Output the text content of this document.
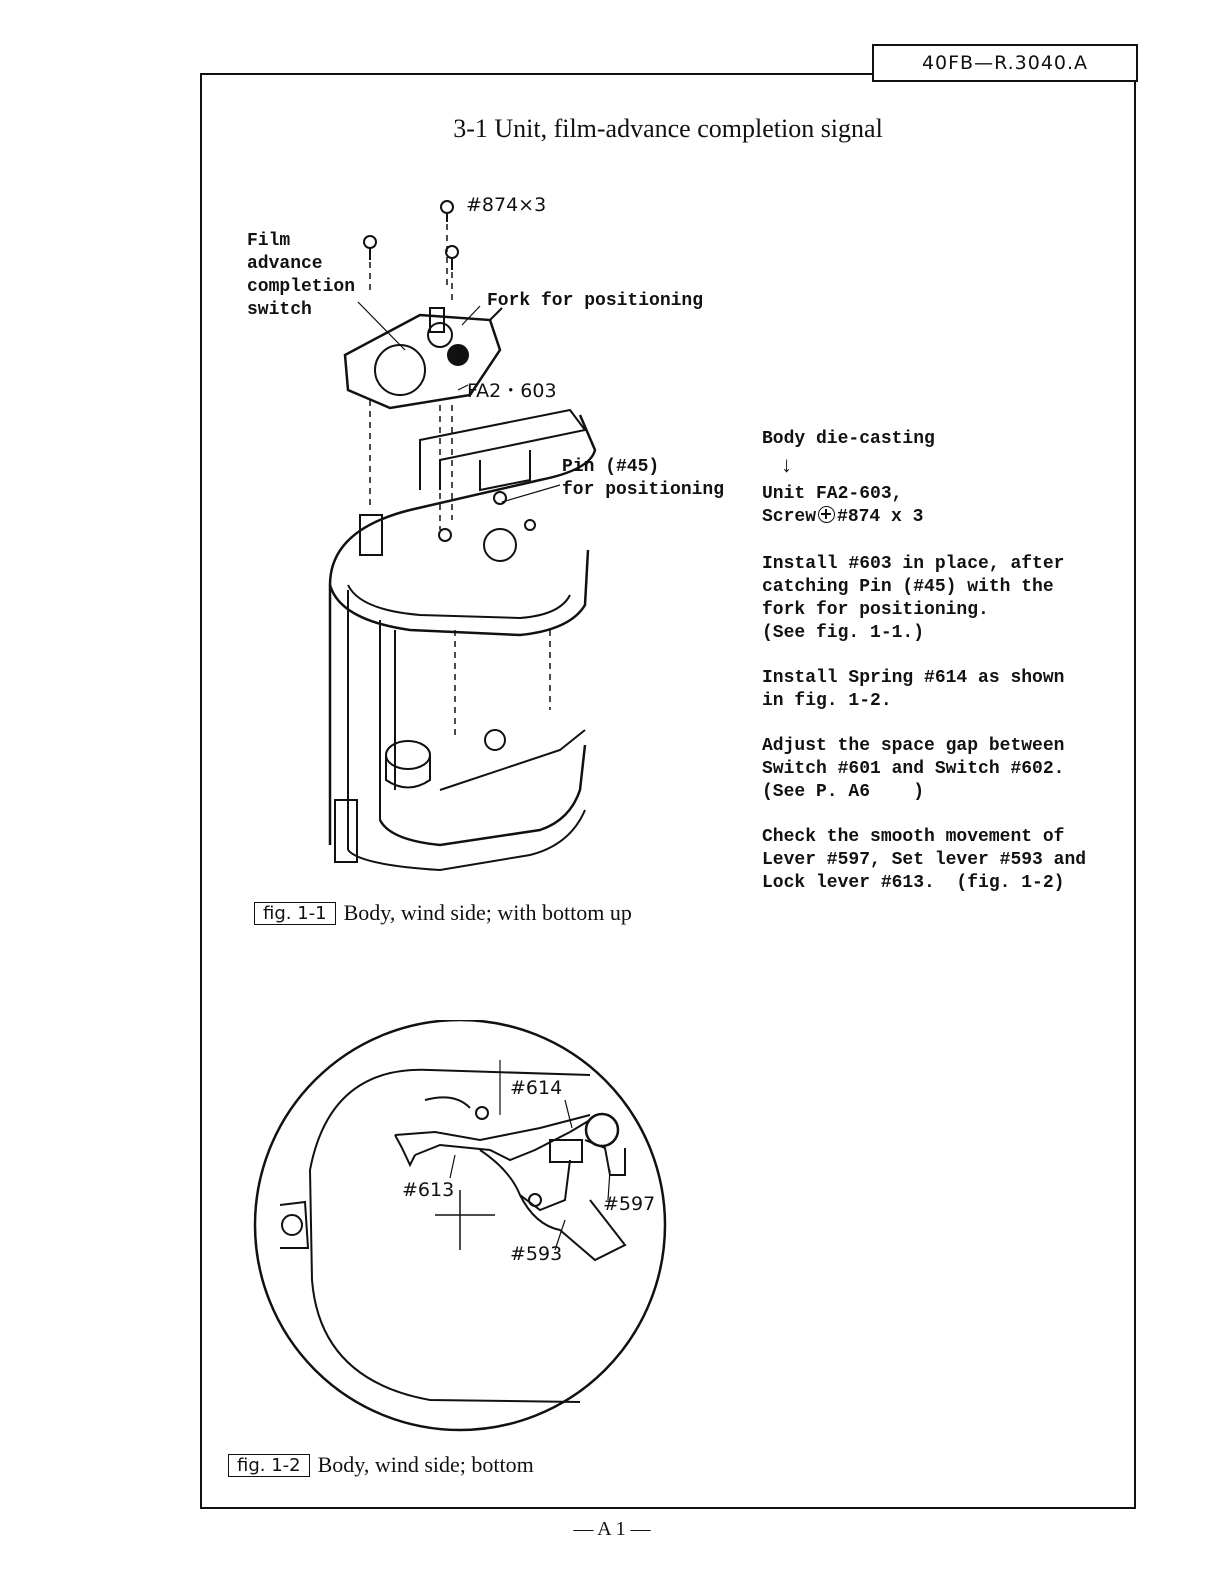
40FB—R.3040.A
3-1 Unit, film-advance completion signal
#874×3
Film
advance
completion
switch	Fork for positioning
FA2・603
Pin (#45)
for positioning
fig. 1-1 Body, wind side; with bottom up
Body die-casting
↓
Unit FA2-603,
Screw #874 x 3

Install #603 in place, after
catching Pin (#45) with the
fork for positioning.
(See fig. 1-1.)

Install Spring #614 as shown
in fig. 1-2.

Adjust the space gap between
Switch #601 and Switch #602.
(See P. A6    )

Check the smooth movement of
Lever #597, Set lever #593 and
Lock lever #613.  (fig. 1-2)

#614
#613
#597
#593
fig. 1-2 Body, wind side; bottom
— A 1 —
